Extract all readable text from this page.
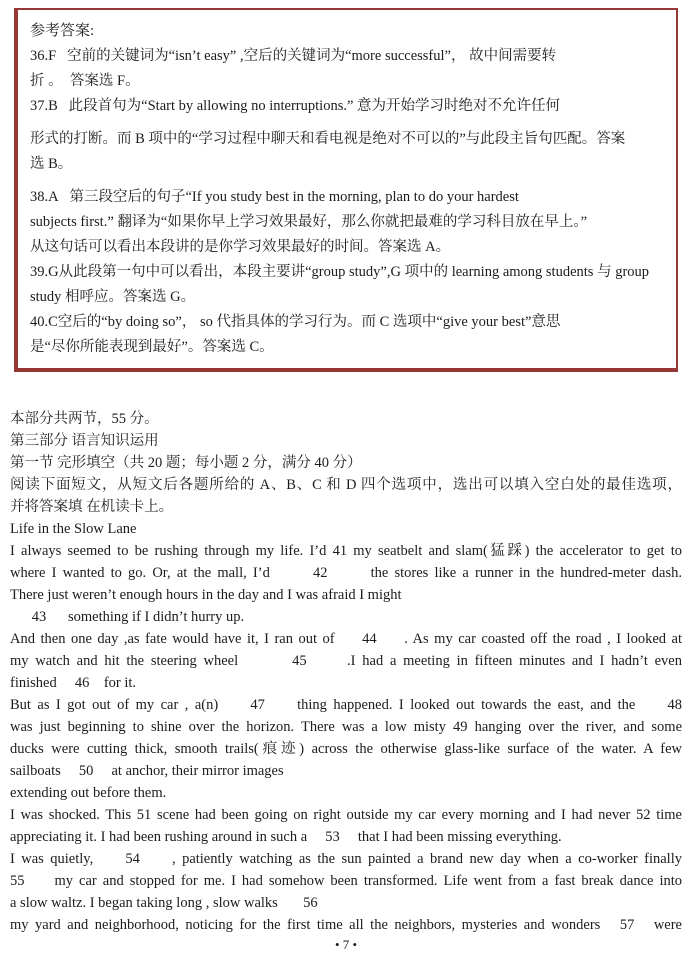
参考答案:
36.F   空前的关键词为“isn’t easy” ,空后的关键词为“more successful”， 故中间需要转
折 。  答案选 F。
37.B   此段首句为“Start by allowing no interruptions.” 意为开始学习时绝对不允许任何
形式的打断。而 B 项中的“学习过程中聊天和看电视是绝对不可以的”与此段主旨句匹配。答案
选 B。
38.A   第三段空后的句子“If you study best in the morning, plan to do your hardest
subjects first.” 翻译为“如果你早上学习效果最好，那么你就把最难的学习科目放在早上。”
从这句话可以看出本段讲的是你学习效果最好的时间。答案选 A。
39.G从此段第一句中可以看出，本段主要讲“group study”,G 项中的 learning among students 与 group
study 相呼应。答案选 G。
40.C空后的“by doing so”， so 代指具体的学习行为。而 C 选项中“give your best”意思
是“尽你所能表现到最好”。答案选 C。
本部分共两节，55 分。
第三部分 语言知识运用
第一节 完形填空（共 20 题；每小题 2 分，满分 40 分）
阅读下面短文，从短文后各题所给的 A、B、C 和 D 四个选项中，选出可以填入空白处的最佳选项，
并将答案填 在机读卡上。
Life in the Slow Lane
I always seemed to be rushing through my life. I’d 41 my seatbelt and slam(猛踩) the accelerator to get to
where I wanted to go. Or, at the mall, I’d       42       the stores like a runner in the hundred-meter dash.
There just weren’t enough hours in the day and I was afraid I might
43      something if I didn’t hurry up.
And then one day ,as fate would have it, I ran out of     44     . As my car coasted off the road , I looked at
my watch and hit the steering wheel        45      .I had a meeting in fifteen minutes and I hadn’t even
finished     46    for it.
But as I got out of my car , a(n)     47     thing happened. I looked out towards the east, and the     48
was just beginning to shine over the horizon. There was a low misty 49 hanging over the river, and some
ducks were cutting thick, smooth trails(痕迹) across the otherwise glass-like surface of the water. A few
sailboats     50     at anchor, their mirror images
extending out before them.
I was shocked. This 51 scene had been going on right outside my car every morning and I had never 52 time
appreciating it. I had been rushing around in such a     53     that I had been missing everything.
I was quietly,     54     , patiently watching as the sun painted a brand new day when a co-worker finally
55     my car and stopped for me. I had somehow been transformed. Life went from a fast break dance into
a slow waltz. I began taking long , slow walks       56
my yard and neighborhood, noticing for the first time all the neighbors, mysteries and wonders   57   were
• 7 •
